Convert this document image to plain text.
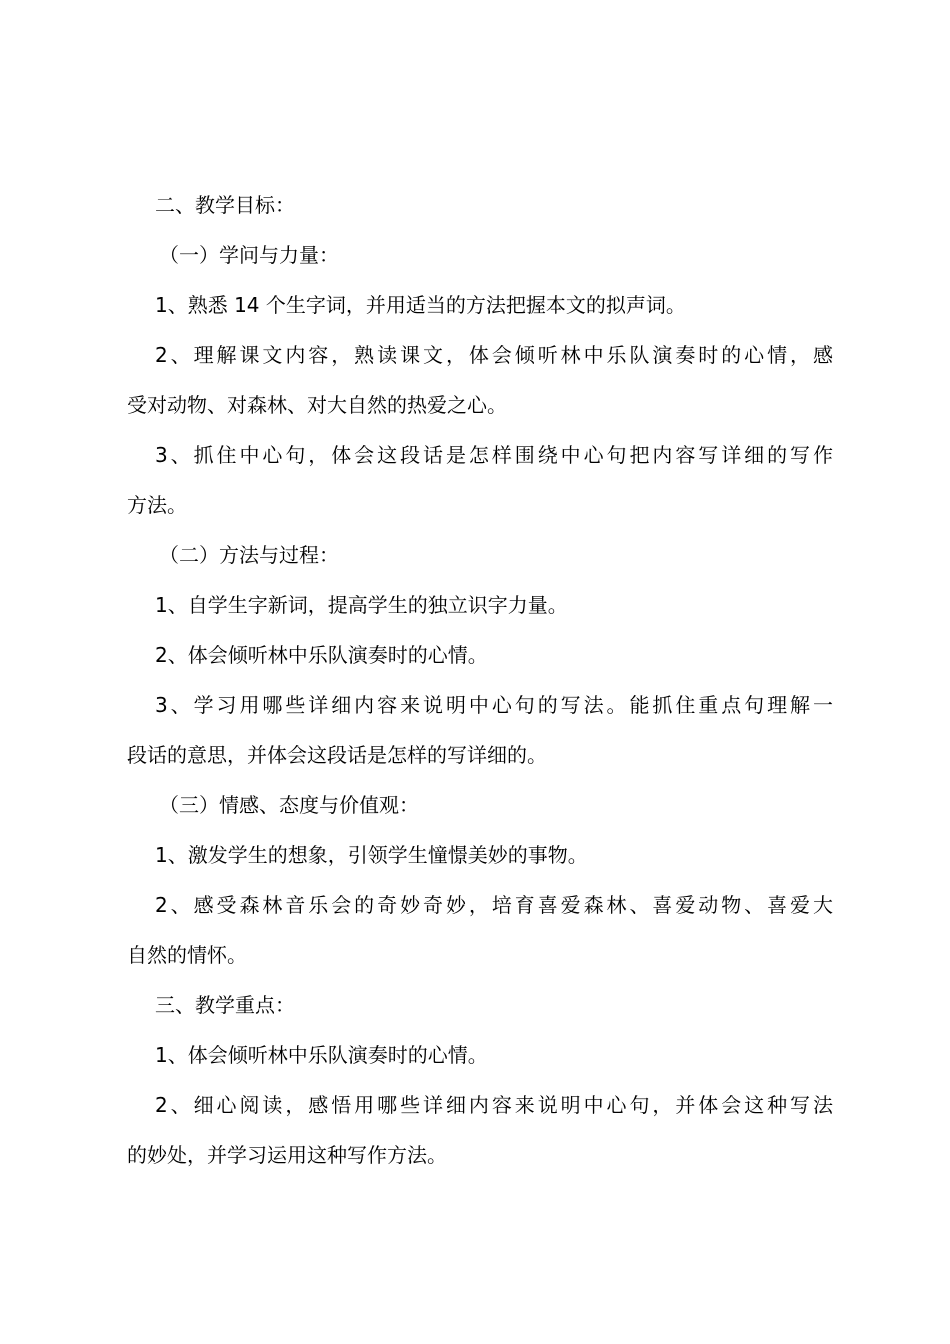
二、教学目标：

（一）学问与力量：

1、熟悉 14 个生字词，并用适当的方法把握本文的拟声词。

2、理解课文内容，熟读课文，体会倾听林中乐队演奏时的心情，感

受对动物、对森林、对大自然的热爱之心。

3、抓住中心句，体会这段话是怎样围绕中心句把内容写详细的写作

方法。

（二）方法与过程：

1、自学生字新词，提高学生的独立识字力量。

2、体会倾听林中乐队演奏时的心情。

3、学习用哪些详细内容来说明中心句的写法。能抓住重点句理解一

段话的意思，并体会这段话是怎样的写详细的。

（三）情感、态度与价值观：

1、激发学生的想象，引领学生憧憬美妙的事物。

2、感受森林音乐会的奇妙奇妙，培育喜爱森林、喜爱动物、喜爱大

自然的情怀。

三、教学重点：

1、体会倾听林中乐队演奏时的心情。

2、细心阅读，感悟用哪些详细内容来说明中心句，并体会这种写法

的妙处，并学习运用这种写作方法。
